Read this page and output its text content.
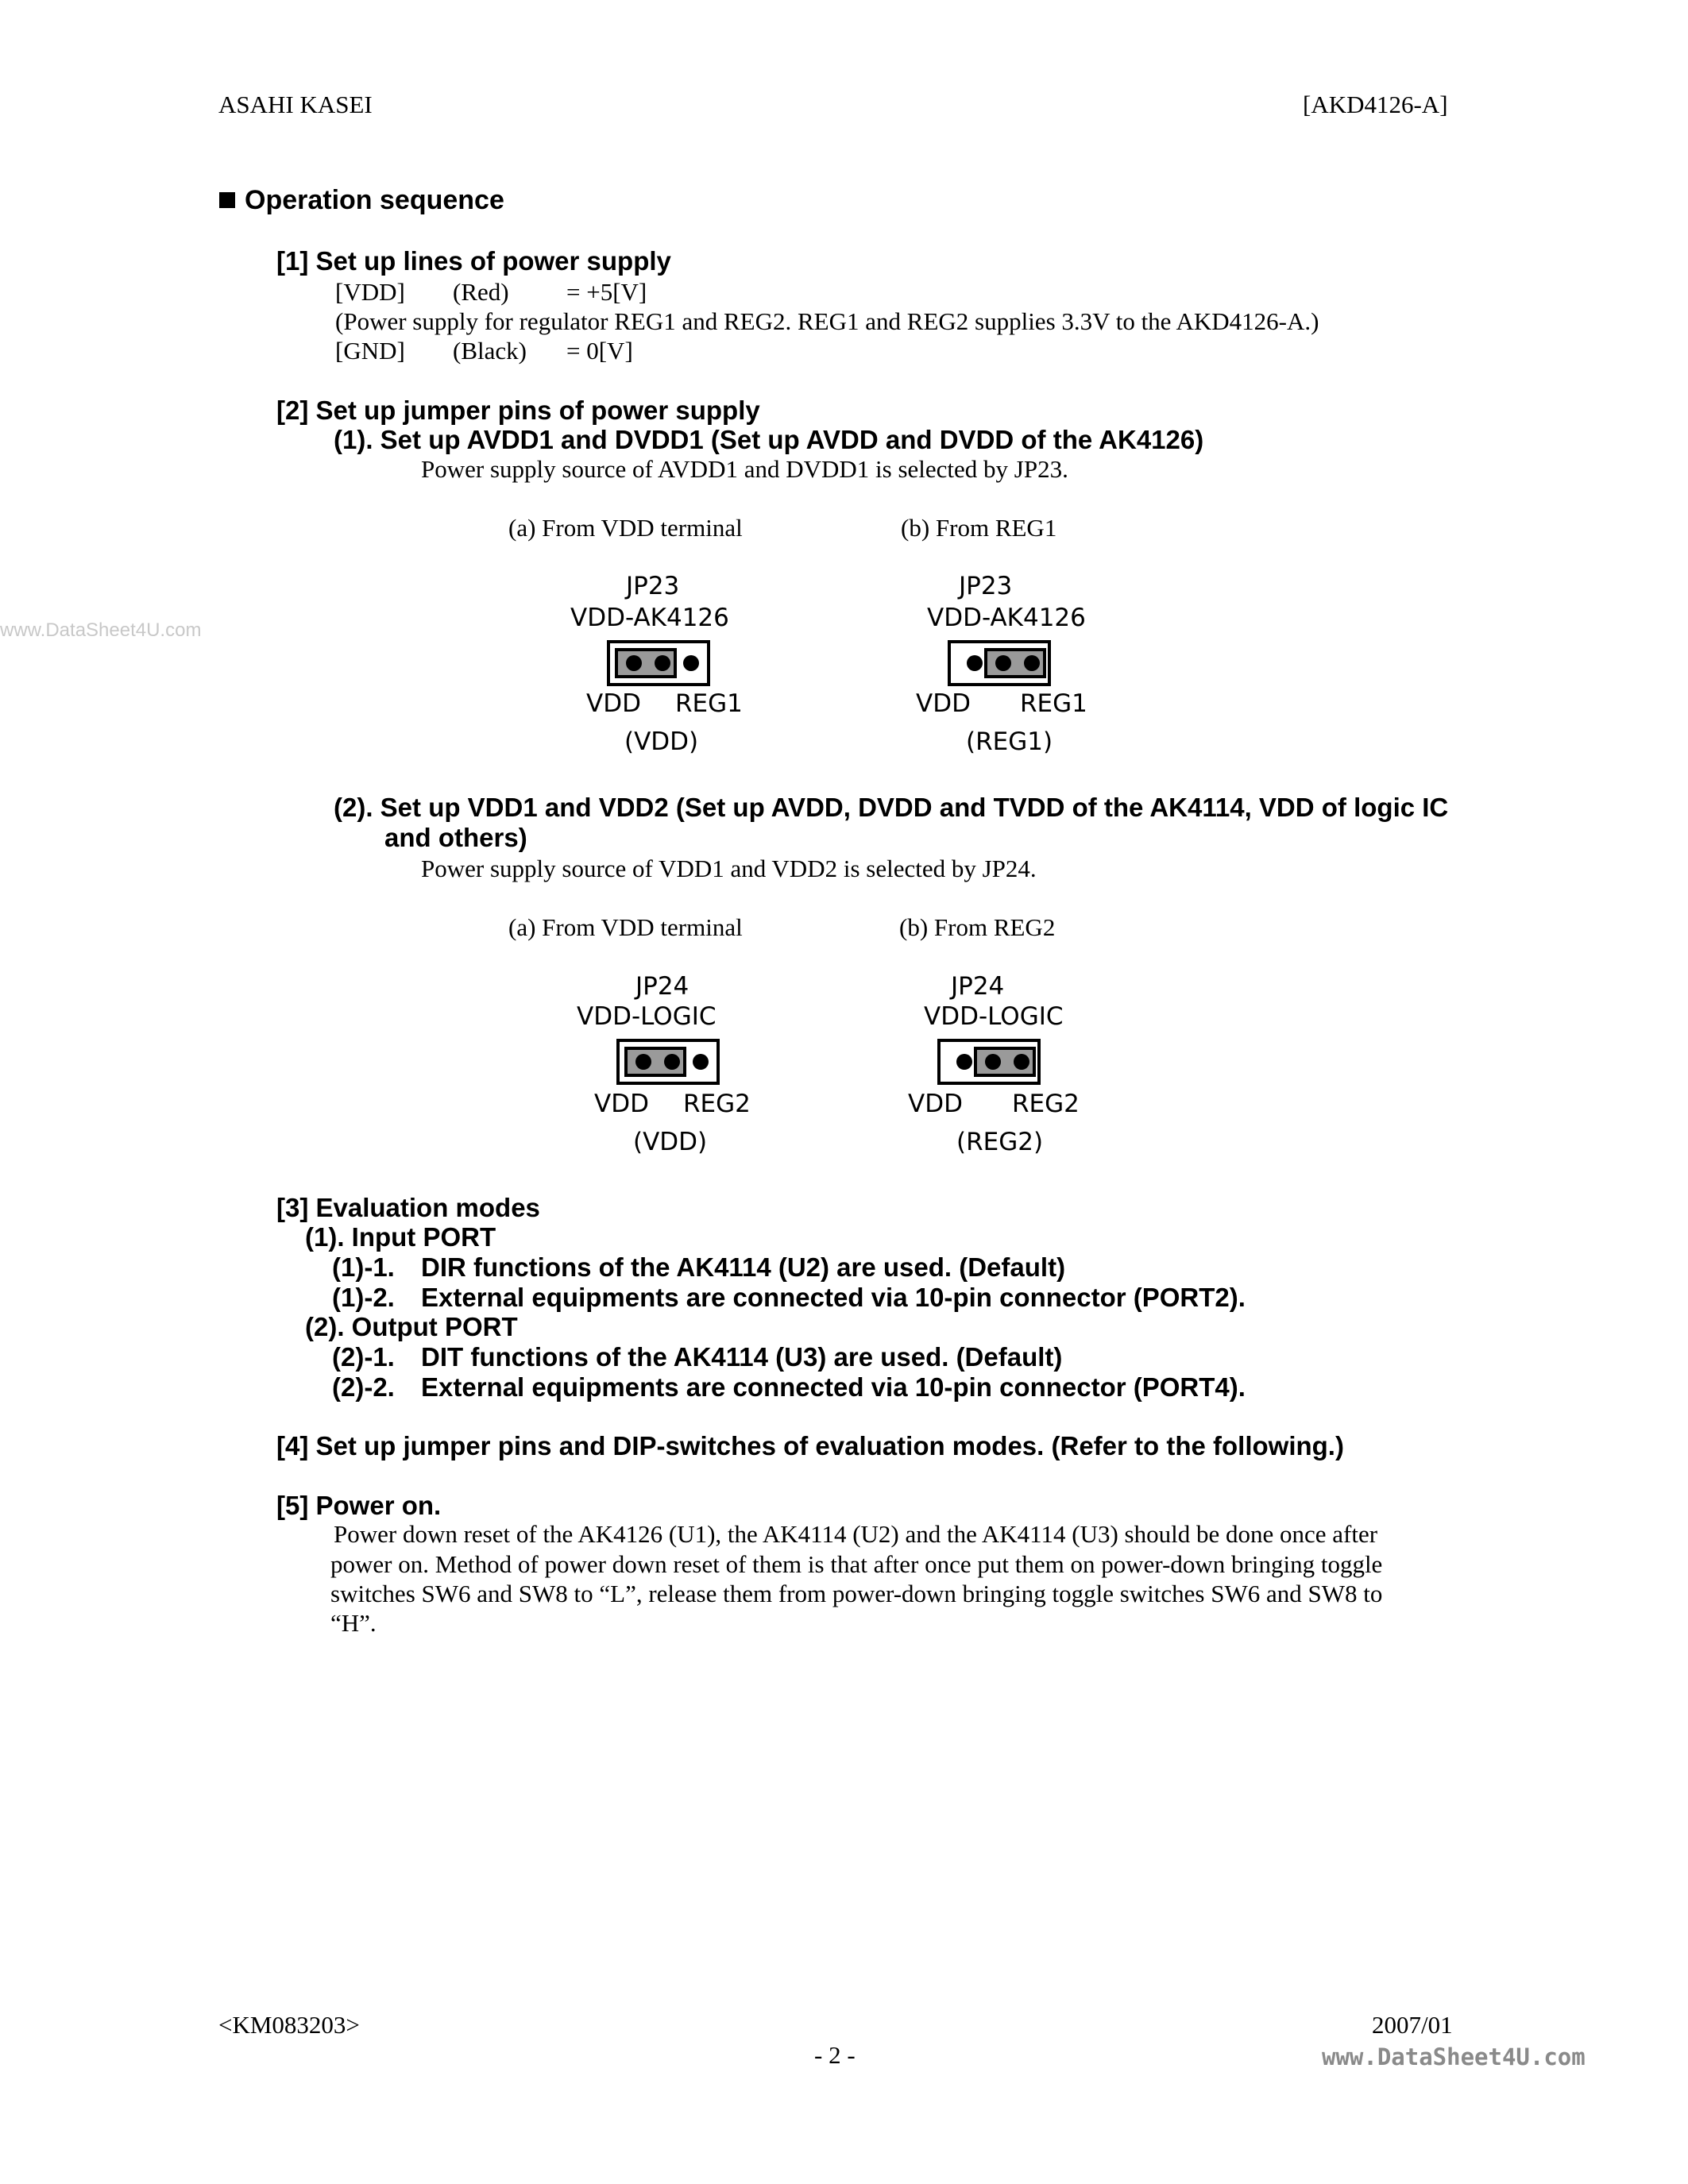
ASAHI KASEI	[AKD4126-A]
www.DataSheet4U.com
Operation sequence
[1] Set up lines of power supply
[VDD] (Red) = +5[V]
(Power supply for regulator REG1 and REG2. REG1 and REG2 supplies 3.3V to the AKD4126-A.)
[GND] (Black) = 0[V]
[2] Set up jumper pins of power supply
(1). Set up AVDD1 and DVDD1 (Set up AVDD and DVDD of the AK4126)
Power supply source of AVDD1 and DVDD1 is selected by JP23.
(a) From VDD terminal
JP23
VDD-AK4126
VDD REG1
(VDD)
(b) From REG1
JP23
VDD-AK4126
VDD REG1
(REG1)
(2). Set up VDD1 and VDD2 (Set up AVDD, DVDD and TVDD of the AK4114, VDD of logic IC
and others)
Power supply source of VDD1 and VDD2 is selected by JP24.
(a) From VDD terminal
JP24
VDD-LOGIC
VDD REG2
(VDD)
(b) From REG2
JP24
VDD-LOGIC
VDD REG2
(REG2)
[3] Evaluation modes
(1). Input PORT
(1)-1. DIR functions of the AK4114 (U2) are used. (Default)
(1)-2. External equipments are connected via 10-pin connector (PORT2).
(2). Output PORT
(2)-1. DIT functions of the AK4114 (U3) are used. (Default)
(2)-2. External equipments are connected via 10-pin connector (PORT4).
[4] Set up jumper pins and DIP-switches of evaluation modes. (Refer to the following.)
[5] Power on.
Power down reset of the AK4126 (U1), the AK4114 (U2) and the AK4114 (U3) should be done once after
power on. Method of power down reset of them is that after once put them on power-down bringing toggle
switches SW6 and SW8 to “L”, release them from power-down bringing toggle switches SW6 and SW8 to
“H”.
<KM083203>	2007/01
- 2 -	www.DataSheet4U.com
